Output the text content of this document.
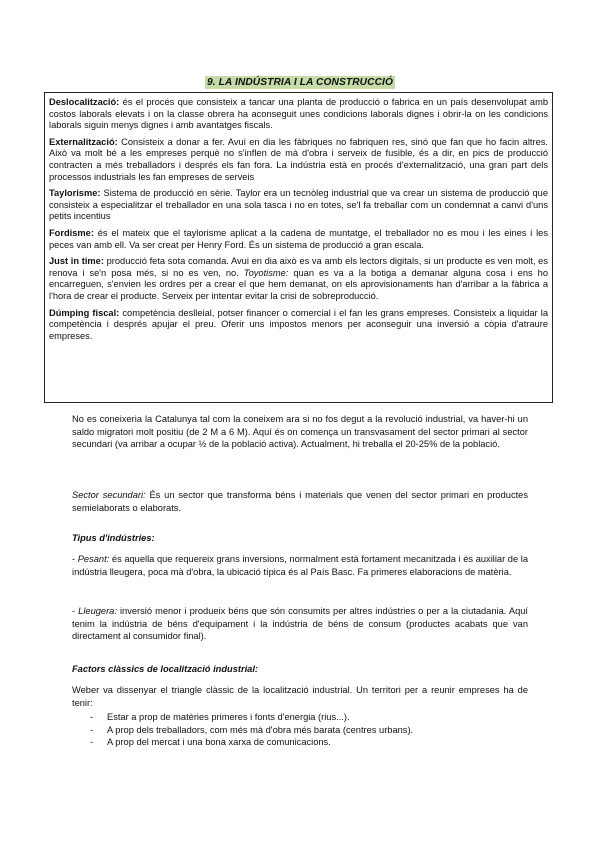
9. LA INDÚSTRIA I LA CONSTRUCCIÓ

Deslocalització: és el procés que consisteix a tancar una planta de producció o fabrica en un país desenvolupat amb costos laborals elevats i on la classe obrera ha aconseguit unes condicions laborals dignes i obrir-la on les condicions laborals siguin menys dignes i amb avantatges fiscals.

Externalització: Consisteix a donar a fer. Avui en dia les fàbriques no fabriquen res, sinó que fan que ho facin altres. Això va molt bé a les empreses perquè no s'inflen de mà d'obra i serveix de fusible, és a dir, en pics de producció contracten a més treballadors i després els fan fora. La indústria està en procés d'externalització, una gran part dels processos industrials les fan empreses de serveis

Taylorisme: Sistema de producció en sèrie. Taylor era un tecnòleg industrial que va crear un sistema de producció que consisteix a especialitzar el treballador en una sola tasca i no en totes, se'l fa treballar com un condemnat a canvi d'uns petits incentius

Fordisme: és el mateix que el taylorisme aplicat a la cadena de muntatge, el treballador no es mou i les eines i les peces van amb ell. Va ser creat per Henry Ford. És un sistema de producció a gran escala.

Just in time: producció feta sota comanda. Avui en dia això es va amb els lectors digitals, si un producte es ven molt, es renova i se'n posa més, si no es ven, no. Toyotisme: quan es va a la botiga a demanar alguna cosa i ens ho encarreguen, s'envien les ordres per a crear el que hem demanat, on els aprovisionaments han d'arribar a la fàbrica a l'hora de crear el producte. Serveix per intentar evitar la crisi de sobreproducció.

Dúmping fiscal: competència deslleial, potser financer o comercial i el fan les grans empreses. Consisteix a liquidar la competència i després apujar el preu. Oferir uns impostos menors per aconseguir una inversió a còpia d'atraure empreses.

No es coneixeria la Catalunya tal com la coneixem ara si no fos degut a la revolució industrial, va haver-hi un saldo migratori molt positiu (de 2 M a 6 M). Aquí és on comença un transvasament del sector primari al sector secundari (va arribar a ocupar ½ de la població activa). Actualment, hi treballa el 20-25% de la població.

Sector secundari: És un sector que transforma béns i materials que venen del sector primari en productes semielaborats o elaborats.

Tipus d'indústries:

- Pesant: és aquella que requereix grans inversions, normalment està fortament mecanitzada i és auxiliar de la indústria lleugera, poca mà d'obra, la ubicació típica és al País Basc. Fa primeres elaboracions de matèria.

- Lleugera: inversió menor i produeix béns que són consumits per altres indústries o per a la ciutadania. Aquí tenim la indústria de béns d'equipament i la indústria de béns de consum (productes acabats que van directament al consumidor final).

Factors clàssics de localització industrial:

Weber va dissenyar el triangle clàssic de la localització industrial. Un territori per a reunir empreses ha de tenir:

- Estar a prop de matèries primeres i fonts d'energia (rius...).
- A prop dels treballadors, com més mà d'obra més barata (centres urbans).
- A prop del mercat i una bona xarxa de comunicacions.
